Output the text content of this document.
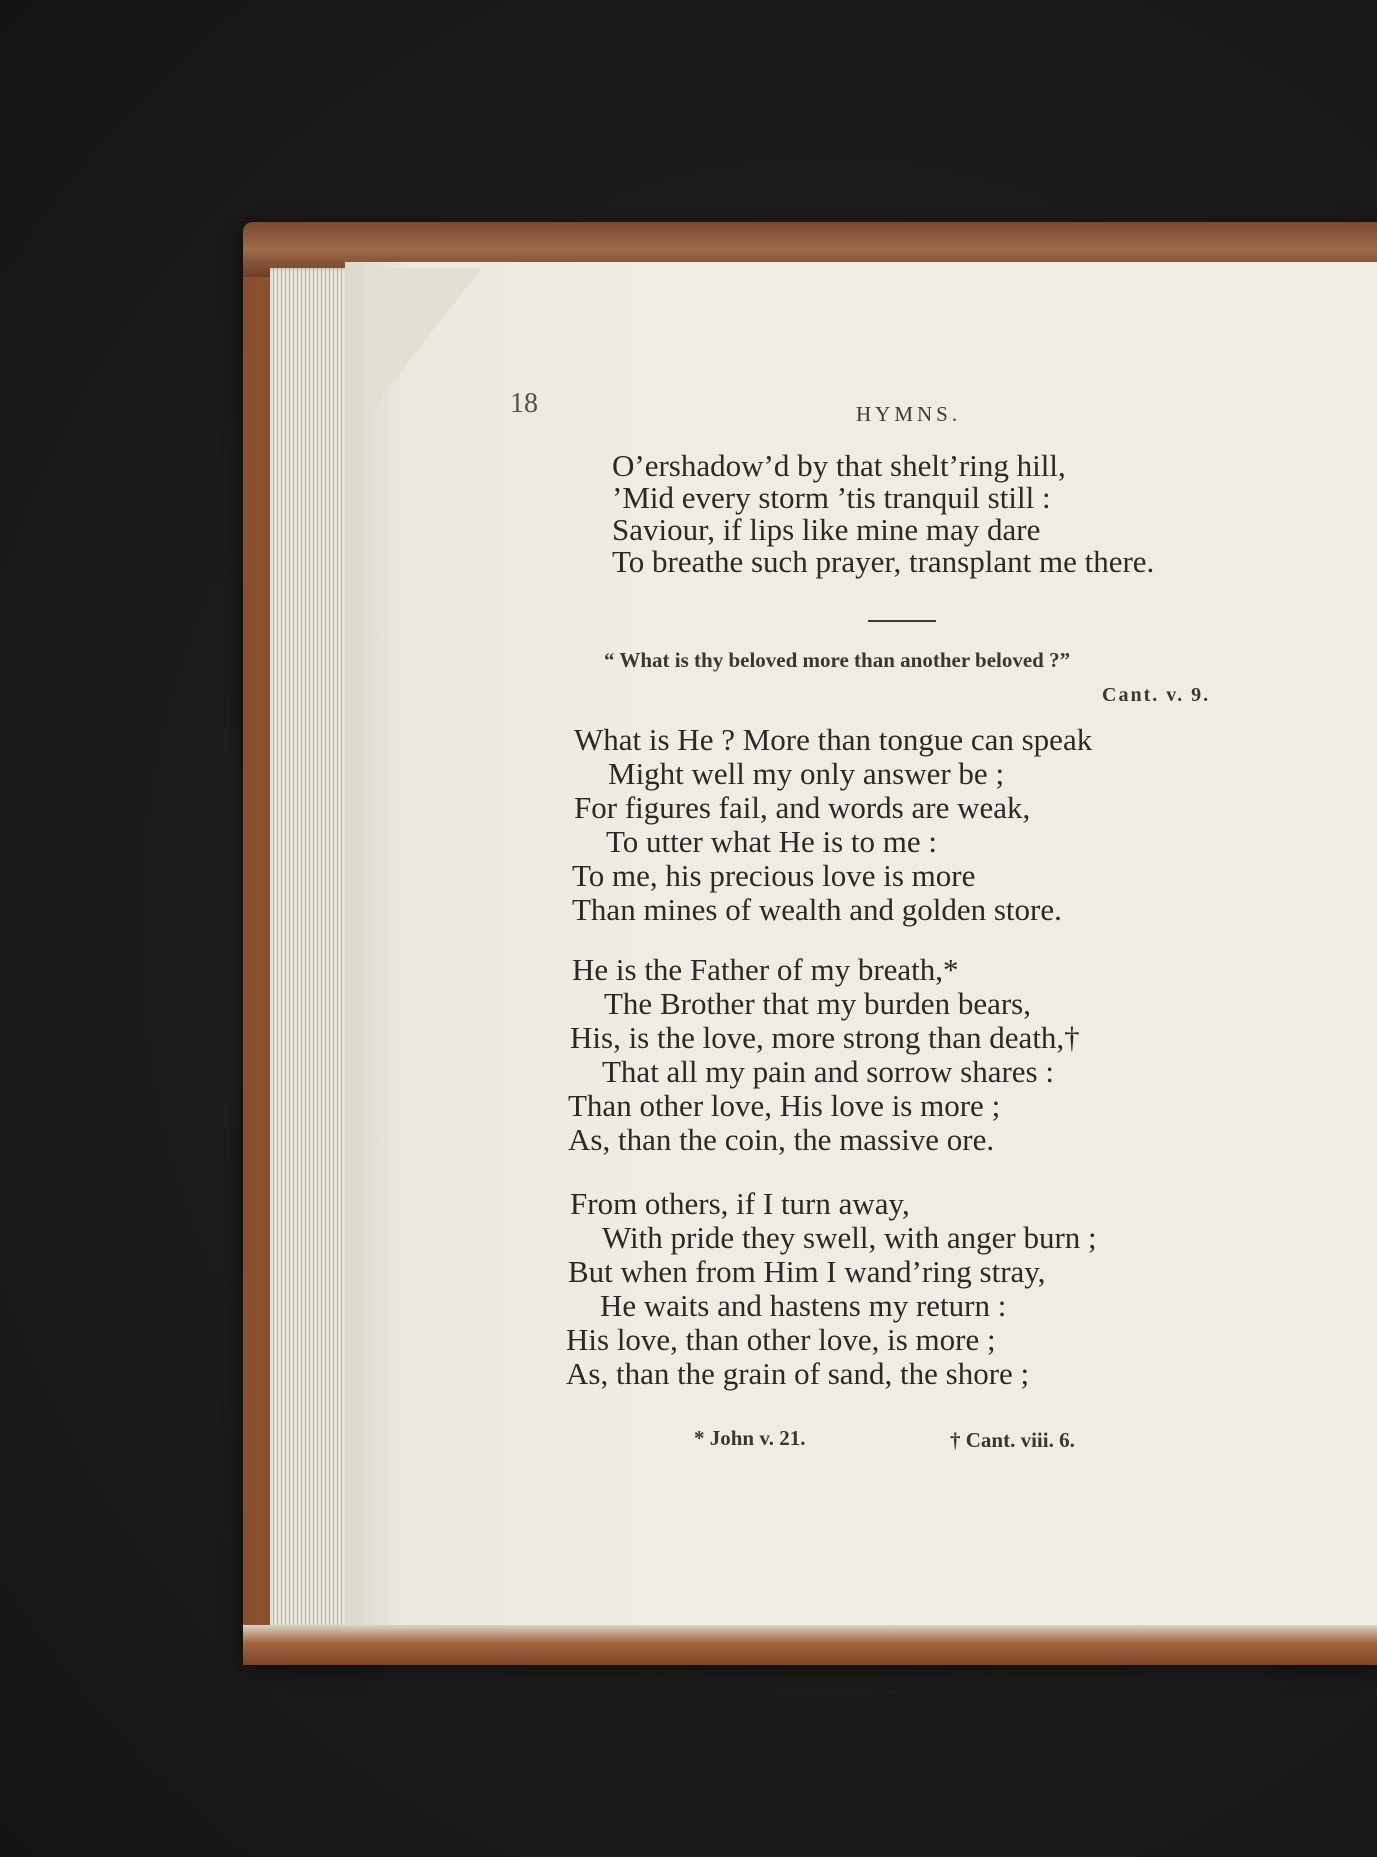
18	HYMNS.
O’ershadow’d by that shelt’ring hill,
’Mid every storm ’tis tranquil still :
Saviour, if lips like mine may dare
To breathe such prayer, transplant me there.
“ What is thy beloved more than another beloved ?”
Cant. v. 9.
What is He ? More than tongue can speak
Might well my only answer be ;
For figures fail, and words are weak,
To utter what He is to me :
To me, his precious love is more
Than mines of wealth and golden store.
He is the Father of my breath,*
The Brother that my burden bears,
His, is the love, more strong than death,†
That all my pain and sorrow shares :
Than other love, His love is more ;
As, than the coin, the massive ore.
From others, if I turn away,
With pride they swell, with anger burn ;
But when from Him I wand’ring stray,
He waits and hastens my return :
His love, than other love, is more ;
As, than the grain of sand, the shore ;
* John v. 21.	† Cant. viii. 6.
